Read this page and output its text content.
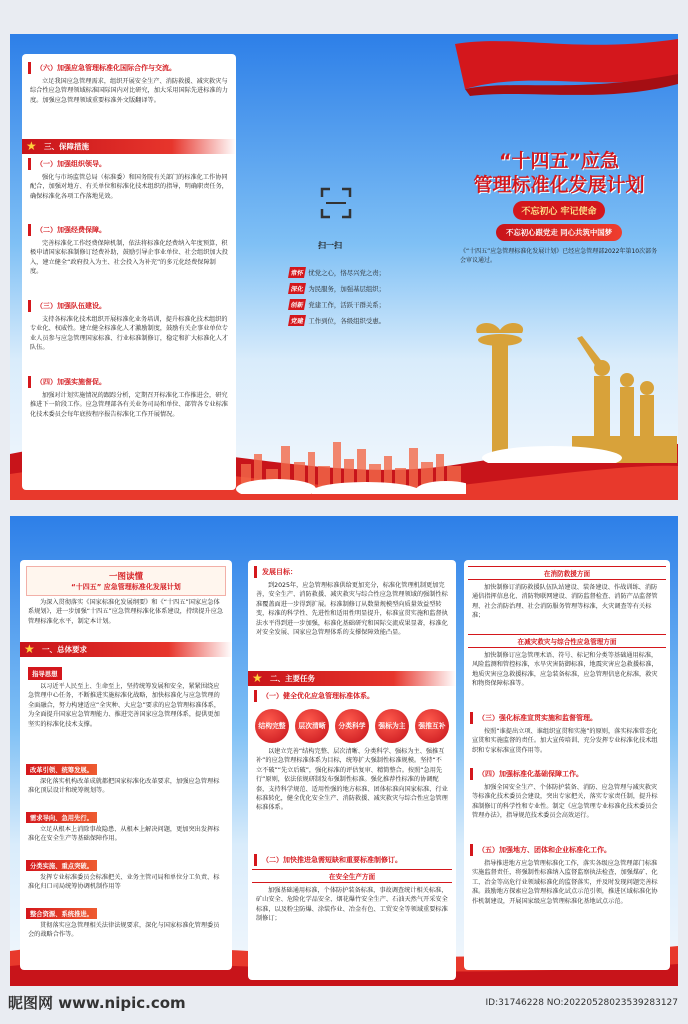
（六）加强应急管理标准化国际合作与交流。
立足我国应急管理需求，组织开展安全生产、消防救援、减灾救灾与综合性应急管理领域标准国际国内对比研究，加大采用国际先进标准的力度。加强应急管理领域重要标准外文版翻译等。
★ 三、保障措施
（一）加强组织领导。
强化与市场监管总局（标准委）和国务院有关部门的标准化工作协同配合，加强对地方、有关单位和标准化技术组织的指导，明确职责任务，确保标准化各项工作落地见效。
（二）加强经费保障。
完善标准化工作经费保障机制，依法将标准化经费纳入年度预算，积极申请国家标准制修订经费补助，鼓励引导企事业单位、社会组织加大投入，建立健全“政府投入为主、社会投入为补充”的多元化经费保障制度。
（三）加强队伍建设。
支持各标准化技术组织开展标准化业务培训，提升标准化技术组织的专业化、权威性。建立健全标准化人才激励制度，鼓励有关企事业单位专业人员参与应急管理国家标准、行业标准制修订，稳定和扩大标准化人才队伍。
（四）加强实施督促。
加强对计划实施情况的跟踪分析，定期召开标准化工作推进会，研究推进下一阶段工作。应急管理部各有关业务司局和单位、部管各专业标准化技术委员会每年底按程序报告标准化工作开展情况。
扫一扫
常怀 忧党之心，恪尽兴党之责；
深化 为民服务，加强基层组织；
创新 党建工作，活跃干群关系；
党建 工作到位，各级组织受惠。
“十四五”应急
管理标准化发展计划
不忘初心 牢记使命
不忘初心跟党走 同心共筑中国梦
《“十四五”应急管理标准化发展计划》已经应急管理部2022年第10次部务会审议通过。
一图读懂
“十四五” 应急管理标准化发展计划
为深入贯彻落实《国家标准化发展纲要》和《“十四五”国家应急体系规划》，进一步加强“十四五”应急管理标准化体系建设，持续提升应急管理标准化水平，制定本计划。
★ 一、总体要求
指导思想
以习近平人民至上、生命至上，坚持统筹发展和安全，紧紧围绕应急管理中心任务，不断推进实施标准化战略，加快标准化与应急管理的全面融合，努力构建适应“全灾种、大应急”要求的应急管理标准体系，为全面提升国家应急管理能力、推进完善国家应急管理体系，提供更加坚实的标准化技术支撑。
改革引领、统筹发展。
深化落实机构改革成就都把国家标准化改革要求，加强应急管理标准化顶层设计和统筹规划等。
需求导向、急用先行。
立足从根本上消除事故隐患、从根本上解决问题，更加突出发挥标准化在安全生产等基础保障作用。
分类实施、重点突破。
发挥专业标准委员会标准把关、业务主管司局和单位分工负责、标准化归口司局统筹协调机制作用等
整合资源、系统推进。
贯彻落实应急管理相关法律法规要求，深化与国家标准化管理委员会的战略合作等。
发展目标：
到2025年，应急管理标准供给更加充分，标准化管理机制更加完善，安全生产、消防救援、减灾救灾与综合性应急管理领域的强制性标准覆盖面进一步得到扩展。标准制修订从数量规模型向质量效益型转变，标准的科学性、先进性和适用性明显提升，标准宣贯实施和监督执法水平得到进一步加强，标准化基础研究和国际交流成果显著，标准化对安全发展、国家应急管理体系的支撑保障效能凸显。
★ 二、主要任务
（一）健全优化应急管理标准体系。
结构完整	层次清晰	分类科学	强标为主	强推互补
以建立完善“结构完整、层次清晰、分类科学、强标为主、强推互补”的应急管理标准体系为目标，统筹扩大强制性标准规模。坚持“不立不破”“先立后破”，强化标准的评估复审、精简整合。按照“急用先行”原则，依法依规研制发布强制性标准。强化推荐性标准的协调配套，支持科学规范、适用性强的地方标准、团体标准向国家标准、行业标准转化，健全优化安全生产、消防救援、减灾救灾与综合性应急管理标准体系。
（二）加快推进急需短缺和重要标准制修订。
在安全生产方面
加强基础通用标准，个体防护装备标准，事故调查统计相关标准，矿山安全、危险化学品安全、烟花爆竹安全生产、石油天然气开采安全标准，以及粉尘防爆、涂装作业、冶金有色、工贸安全等领域重要标准制修订；
在消防救援方面
加快制修订消防救援队伍队站建设、装备建设、作战训练、消防通信指挥信息化、消防物联网建设、消防监督检查、消防产品监督管理、社会消防治理、社会消防服务管理等标准，火灾调查等有关标准；
在减灾救灾与综合性应急管理方面
加快制修订应急管理术语、符号、标记和分类等基础通用标准，风险监测和管控标准，水旱灾害防御标准，地震灾害应急救援标准，地质灾害应急救援标准，应急装备标准，应急管理信息化标准，救灾和物资保障标准等。
（三）强化标准宣贯实施和监督管理。
按照“谁提出立项、谁组织宣贯和实施”的原则，落实标准常态化宣贯和实施监督的责任。加大宣传培训、充分发挥专业标准化技术组织和专家标准宣贯作用等。
（四）加强标准化基础保障工作。
加强全国安全生产、个体防护装备、消防、应急管理与减灾救灾等标准化技术委员会建设，突出专家把关，落实专家责任制，提升标准制修订的科学性和专业性。制定《应急管理专业标准化技术委员会管理办法》，指导规范技术委员会高效运行。
（五）加强地方、团体和企业标准化工作。
指导推进地方应急管理标准化工作，落实各级应急管理部门标准实施监督责任，将强制性标准纳入监督监察执法检查，加强煤矿、化工、冶金等高危行业领域标准化的监督落实，并及时发现问题完善标准。鼓励地方探索应急管理标准化试点示范引领，推进区域标准化协作机制建设，开展国家级应急管理标准化基地试点示范。
昵图网 www.nipic.com	ID:31746228 NO:20220528023539283127
